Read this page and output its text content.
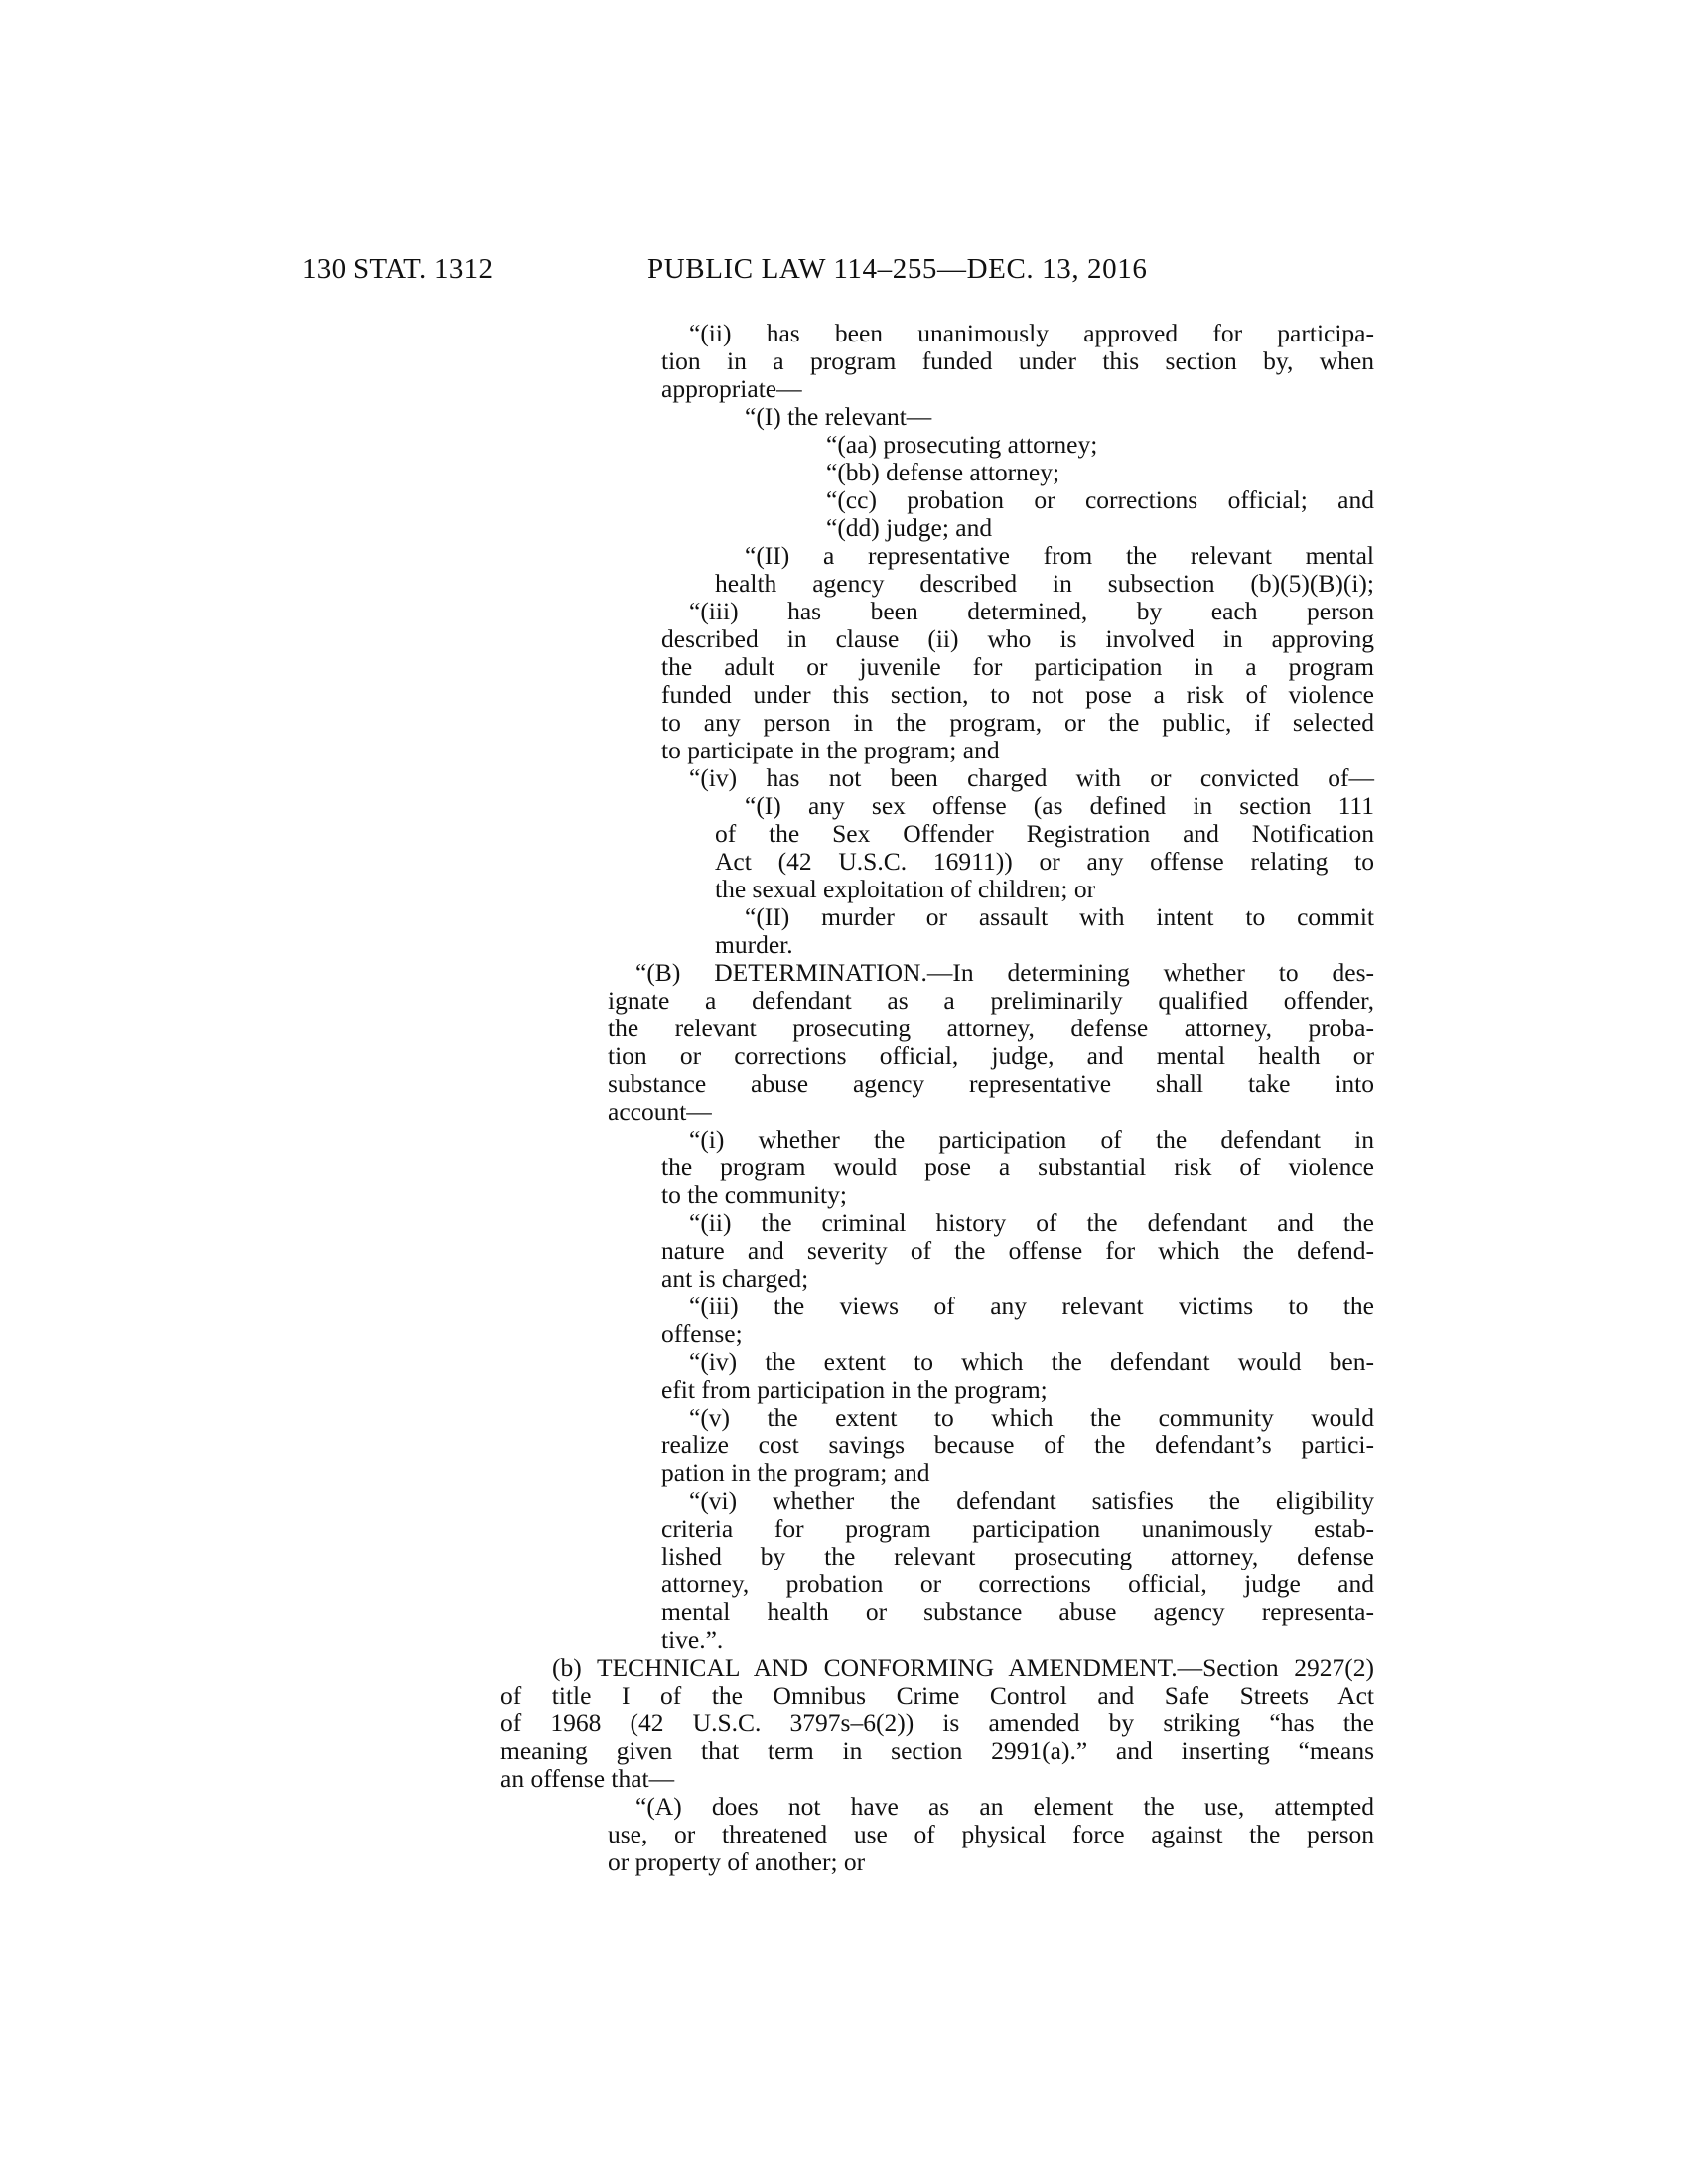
130 STAT. 1312	PUBLIC LAW 114–255—DEC. 13, 2016
“(ii) has been unanimously approved for participa-
tion in a program funded under this section by, when
appropriate—
“(I) the relevant—
“(aa) prosecuting attorney;
“(bb) defense attorney;
“(cc) probation or corrections official; and
“(dd) judge; and
“(II) a representative from the relevant mental
health agency described in subsection (b)(5)(B)(i);
“(iii) has been determined, by each person
described in clause (ii) who is involved in approving
the adult or juvenile for participation in a program
funded under this section, to not pose a risk of violence
to any person in the program, or the public, if selected
to participate in the program; and
“(iv) has not been charged with or convicted of—
“(I) any sex offense (as defined in section 111
of the Sex Offender Registration and Notification
Act (42 U.S.C. 16911)) or any offense relating to
the sexual exploitation of children; or
“(II) murder or assault with intent to commit
murder.
“(B) DETERMINATION.—In determining whether to des-
ignate a defendant as a preliminarily qualified offender,
the relevant prosecuting attorney, defense attorney, proba-
tion or corrections official, judge, and mental health or
substance abuse agency representative shall take into
account—
“(i) whether the participation of the defendant in
the program would pose a substantial risk of violence
to the community;
“(ii) the criminal history of the defendant and the
nature and severity of the offense for which the defend-
ant is charged;
“(iii) the views of any relevant victims to the
offense;
“(iv) the extent to which the defendant would ben-
efit from participation in the program;
“(v) the extent to which the community would
realize cost savings because of the defendant’s partici-
pation in the program; and
“(vi) whether the defendant satisfies the eligibility
criteria for program participation unanimously estab-
lished by the relevant prosecuting attorney, defense
attorney, probation or corrections official, judge and
mental health or substance abuse agency representa-
tive.”.
(b) TECHNICAL AND CONFORMING AMENDMENT.—Section 2927(2)
of title I of the Omnibus Crime Control and Safe Streets Act
of 1968 (42 U.S.C. 3797s–6(2)) is amended by striking “has the
meaning given that term in section 2991(a).” and inserting “means
an offense that—
“(A) does not have as an element the use, attempted
use, or threatened use of physical force against the person
or property of another; or
